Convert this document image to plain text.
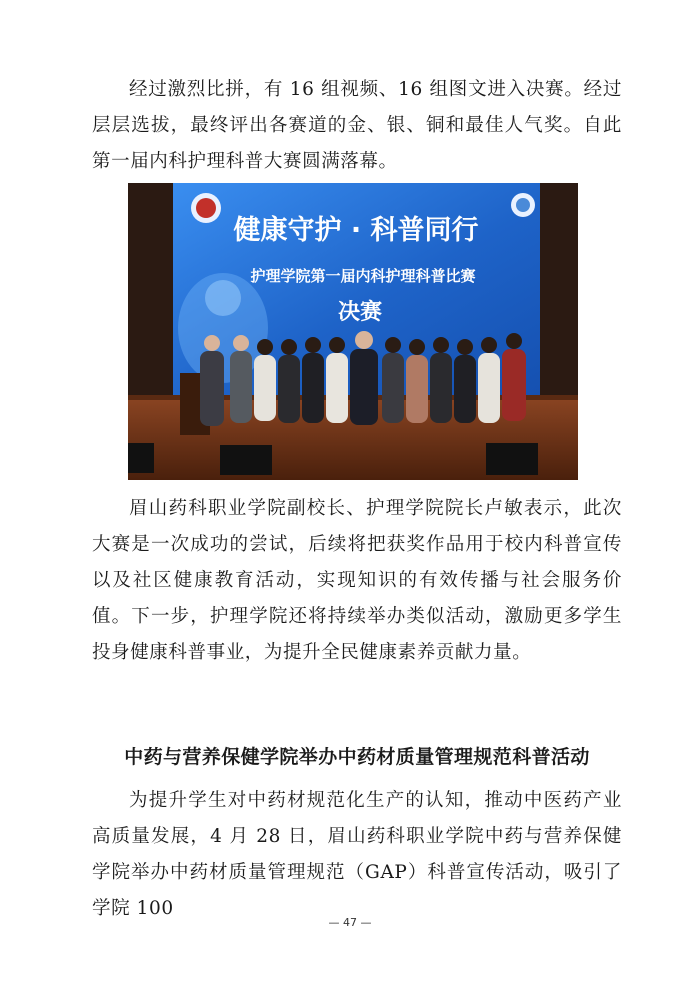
经过激烈比拼，有 16 组视频、16 组图文进入决赛。经过层层选拔，最终评出各赛道的金、银、铜和最佳人气奖。自此第一届内科护理科普大赛圆满落幕。

健康守护 · 科普同行
护理学院第一届内科护理科普比赛
决赛

眉山药科职业学院副校长、护理学院院长卢敏表示，此次大赛是一次成功的尝试，后续将把获奖作品用于校内科普宣传以及社区健康教育活动，实现知识的有效传播与社会服务价值。下一步，护理学院还将持续举办类似活动，激励更多学生投身健康科普事业，为提升全民健康素养贡献力量。

中药与营养保健学院举办中药材质量管理规范科普活动

为提升学生对中药材规范化生产的认知，推动中医药产业高质量发展，4 月 28 日，眉山药科职业学院中药与营养保健学院举办中药材质量管理规范（GAP）科普宣传活动，吸引了学院 100

— 47 —
